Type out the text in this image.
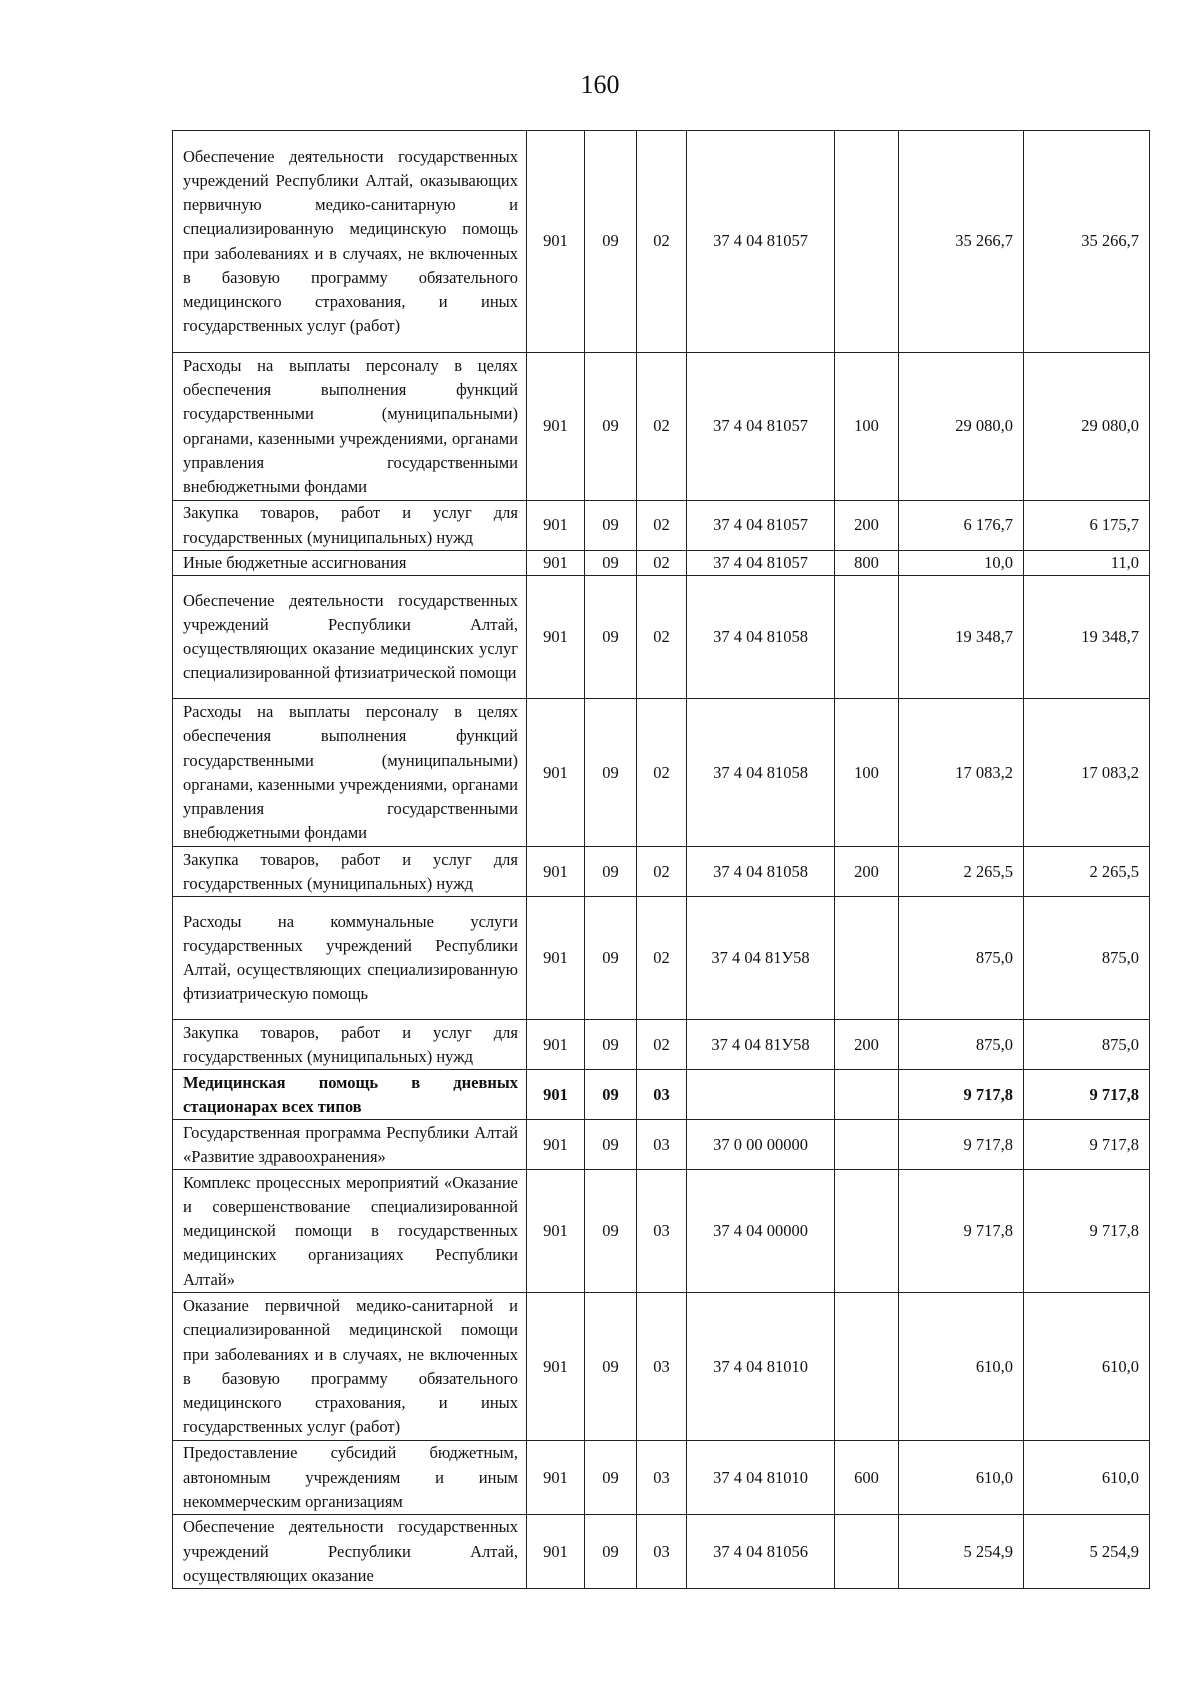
160
Обеспечение деятельности государственных учреждений Республики Алтай, оказывающих первичную медико-санитарную и специализированную медицинскую помощь при заболеваниях и в случаях, не включенных в базовую программу обязательного медицинского страхования, и иных государственных услуг (работ)	901	09	02	37 4 04 81057		35 266,7	35 266,7
Расходы на выплаты персоналу в целях обеспечения выполнения функций государственными (муниципальными) органами, казенными учреждениями, органами управления государственными внебюджетными фондами	901	09	02	37 4 04 81057	100	29 080,0	29 080,0
Закупка товаров, работ и услуг для государственных (муниципальных) нужд	901	09	02	37 4 04 81057	200	6 176,7	6 175,7
Иные бюджетные ассигнования	901	09	02	37 4 04 81057	800	10,0	11,0
Обеспечение деятельности государственных учреждений Республики Алтай, осуществляющих оказание медицинских услуг специализированной фтизиатрической помощи	901	09	02	37 4 04 81058		19 348,7	19 348,7
Расходы на выплаты персоналу в целях обеспечения выполнения функций государственными (муниципальными) органами, казенными учреждениями, органами управления государственными внебюджетными фондами	901	09	02	37 4 04 81058	100	17 083,2	17 083,2
Закупка товаров, работ и услуг для государственных (муниципальных) нужд	901	09	02	37 4 04 81058	200	2 265,5	2 265,5
Расходы на коммунальные услуги государственных учреждений Республики Алтай, осуществляющих специализированную фтизиатрическую помощь	901	09	02	37 4 04 81У58		875,0	875,0
Закупка товаров, работ и услуг для государственных (муниципальных) нужд	901	09	02	37 4 04 81У58	200	875,0	875,0
Медицинская помощь в дневных стационарах всех типов	901	09	03			9 717,8	9 717,8
Государственная программа Республики Алтай «Развитие здравоохранения»	901	09	03	37 0 00 00000		9 717,8	9 717,8
Комплекс процессных мероприятий «Оказание и совершенствование специализированной медицинской помощи в государственных медицинских организациях Республики Алтай»	901	09	03	37 4 04 00000		9 717,8	9 717,8
Оказание первичной медико-санитарной и специализированной медицинской помощи при заболеваниях и в случаях, не включенных в базовую программу обязательного медицинского страхования, и иных государственных услуг (работ)	901	09	03	37 4 04 81010		610,0	610,0
Предоставление субсидий бюджетным, автономным учреждениям и иным некоммерческим организациям	901	09	03	37 4 04 81010	600	610,0	610,0
Обеспечение деятельности государственных учреждений Республики Алтай, осуществляющих оказание	901	09	03	37 4 04 81056		5 254,9	5 254,9
